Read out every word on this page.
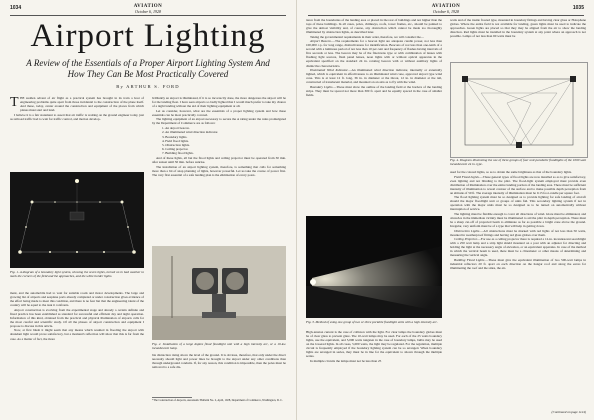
1034	AVIATION
October 6, 1928
Airport Lighting
A Review of the Essentials of a Proper Airport Lighting System And How They Can Be Most Practically Covered
By ARTHUR S. FORD

THE sudden advent of air flight as a practical system has brought in its train a host of engineering problems quite apart from those incidental to the construction of the plane itself. And these, today, center around the construction and equipment of the places from which planes must start and land.

I believe it is a fair statement to assert that air traffic is waiting on the ground engineer today, just as railroad traffic had to wait for traffic control, and motion develop-

Fig. 1. A diagram of a boundary light system, showing the seven lights, turned on in bad weather to mark the corners of the field and the approaches, and the white border lights.

ment, and the automobile had to wait for suitable roads and motor developments. The large and growing list of airports and seaplane ports already completed or under construction gives evidence of the effort being made to meet this condition, and there is no fear but that the engineering talent of the country will be equal to the task it confronts.

Airport construction is evolving from the experimental stage and already a certain definite and fixed practice has been established as standard for successful and efficient day and night operation. Information of this kind, obtained from the practical and physical illumination of airports calls for the most careful and scientific study. Of all the phases of airport construction and equipment I propose to discuss in this article.

Now, at first blush it might seem that any means which resulted in flooding the airport with abundant light would prove satisfactory, but a moment's reflection will show that this is far from the case. As a matter of fact, the more

brilliantly an airport is illuminated, if it is so incorrectly done, the more dangerous the airport will be for the landing fleet. I have seen airports so badly lighted that I would much prefer to take my chance of a night landing without the aid of their lighting equipment at all.

Let us consider, however, what are the essentials of a proper lighting system and how these essentials can be most practically covered.

The lighting equipment of an airport necessary to secure the A rating under the rules promulgated by the Department of Commerce are as follows:

1. An airport beacon.
2. An illuminated wind direction indicator.
3. Boundary lights.
4. Field flood lights.
5. Obstruction lights.
6. Ceiling projector.
7. Building flood lights.

And of these lights, all but the flood lights and ceiling projector must be operated from 30 min. after sunset until 30 min. before sunrise.

The installation of an airport lighting system, therefore, is something that calls for something more than a bit of snap planning of lights, however powerful. Let us take the course of power first. The very first essential of a safe landing plan is the elimination of every possi-

Fig. 2. Installation of a large duplex flood floodlight unit with a high intensity arc, or a 10-kw. incandescent lamp.

ble distraction rising above the level of the ground. It is obvious, therefore, that only under the direct necessity should light and power lines be brought to the airport under any other conditions than through underground conduits. If, for any reason, this condition is impossible, then the poles must be removed to a safe dis-

*The Construction of Airports, Aeronautic Bulletin No. 2, April, 1928, Department of Commerce, Washington, D. C.
1035
AVIATION
October 6, 1928

tance from the boundaries of the landing area or placed in the rear of buildings and not higher than the tops of these buildings. In all cases, poles, chimneys, roofs, tower frames, etc., should be painted to give the utmost visibility and, of course, any obstruction which cannot be made too thoroughly illuminated by obstruction lights, as described later.

Taking the governmental requirements in their order, therefore, we will consider the—

Airport Beacon.—The requirements for a beacon light are adequate candle power, not less than 100,000 c.p. for long range, distinctiveness for identification. Beacons of not less than one-tenth of a second with a luminous period of not less than 10 per cent and frequency of flashes having intervals of five seconds or less. The beacon may be of the fixed-lens type or with combination of lenses with flashing light sources, flash panel lenses, neon lights with or without optical apparatus in the equivalent specified on the standard 24 in. rotating beacon with or without auxiliary lights of distinctive characteristics.

Illuminated Wind Indicator.—An illuminated wind direction indicator, internally or externally lighted, which is equivalent in effectiveness to an illuminated wind cone, approved airport type wind cone. This is at least 12 ft. long, 36 in. in diameter at the throat, 12 in. in diameter at the tail, constructed of translucent material, and mounted on an axis as to fly with the wind.

Boundary Lights.—These must show the outline of the landing field at the borders of the landing strips. They must be spaced not more than 300 ft. apart and be equally spaced in the case of smaller fields.

Fig. 3. Method of using one group of two or three portable floodlight units with a high intensity arc.

High-tension current is the case of collision with the light. For clear lamps the boundary globes must be of clear glass to prevent glare. The 10-watt lamps may be used. For each of the 25 watts boundary lights, use the equivalent, and 5,000 watts tungsten in the case of boundary lamps, bulbs may be used on the lowered lights. In all cases, 5,000 watts, the light may be regulated. For the regulation, multiple circuit is frequently employed if the boundary lighting system can be so arranged. When boundary lights are arranged in series, they must be in line for the equivalent to shown through the multiple series.

In multiple circuits the lamps must not be less than 25

watts and of the inside frosted type, mounted in boundary fittings and having clear glass or Holophane globes. Where the entire field is not available for landing, green lights must be used to indicate the approaches. Green lights are placed so that they may be aligned from the air to show the landing direction. Red lights must be installed in the boundary system at any point where an approach is not possible. Lamps of not less than 60 watts must be

Fig. 4. Diagram illustrating the use of three groups of four unit parabolic floodlights of the 1000 watt incandescent 24 in. type.

used for the colored lights, so as to obtain the same brightness as that of the boundary lights.

Field Flood Lights.—Three general types of flood lights are now installed so as to give satisfactory, even lighting and not blinding to the pilot. The flood-light system employed must provide even distribution of illumination over the entire landing portion of the landing area. There must be sufficient intensity of illumination to reveal contour of the surface and to make possible depth perception from an altitude of 50 ft. The average intensity of illumination must be 0.15 foot-candle per square foot.

The flood lighting system must be so designed as to provide lighting for safe landing of aircraft should the major floodlight unit or groups of units fail. This secondary lighting system if not in operation with the major units must be so designed as to be turned on automatically without interruption of service.

The lighting must be flexible enough to cover all directions of wind. Glare must be eliminated, and obstacles in the immediate vicinity must be illuminated to aid the pilot in depth perception. There must be a sharp cut-off of projected beam to eliminate as far as possible a bright zone above the ground. Irregular, very uniform must be of a type that will help in getting down.

Obstruction Lights.—All obstructions must be marked with red lights of not less than 50 watts, mounted in weatherproof fittings and having red glass globes over them.

Ceiling Projector.—For use as a ceiling projector there is required a 12-in. incandescent searchlight with a 250 watt lamp and a strip light shield mounted on a post with an adjuster for directing and holding the light at the necessary angle of elevation, or an equivalent apparatus. In case of the method in which the vertical beam is used, there must be a clinometer or other means of determining and measuring the vertical angle.

Building Flood Lights.—These must give the equivalent illumination of two 500-watt lamps in industrial reflectors 20 ft. apart on each direction on the hangar roof and along the eaves for illuminating the roof and the sides, the air-

(Continued on page 1124)
